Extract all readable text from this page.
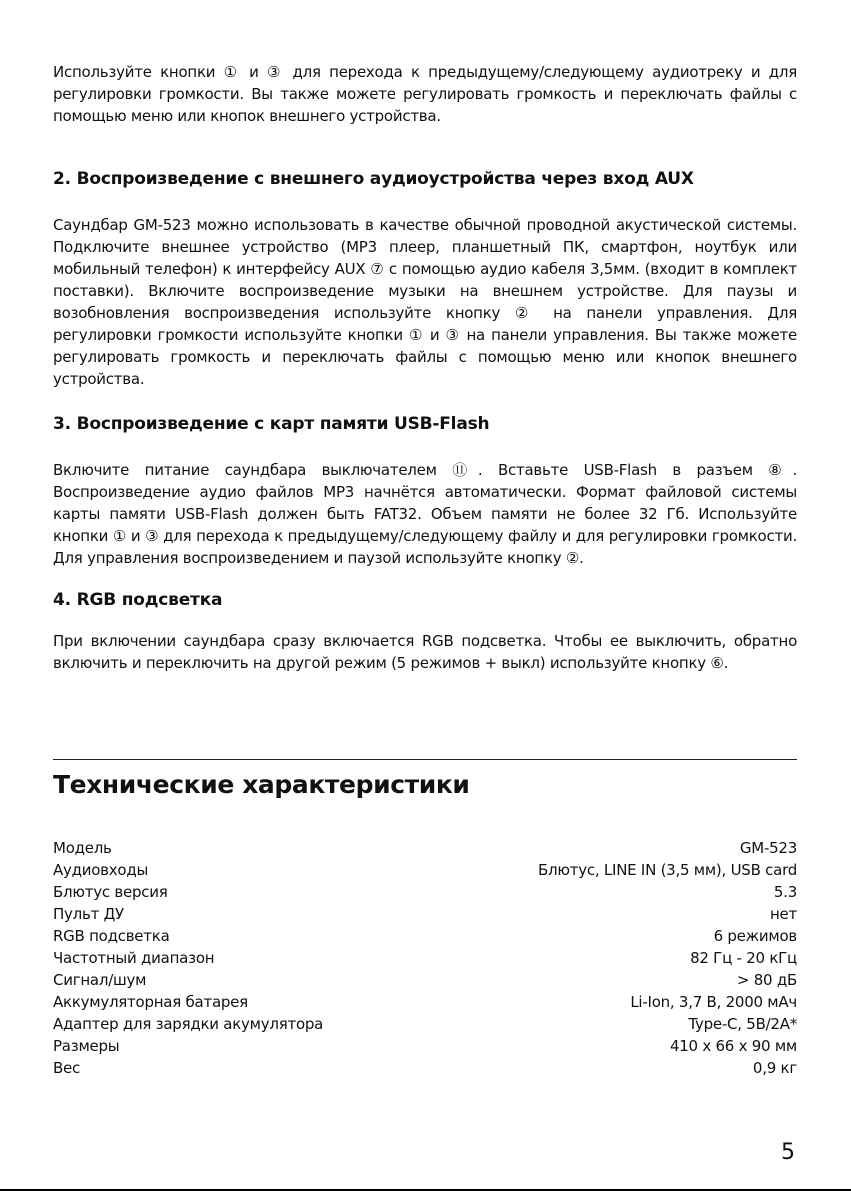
Используйте кнопки ① и ③ для перехода к предыдущему/следующему аудиотреку и для регулировки громкости. Вы также можете регулировать громкость и переключать файлы с помощью меню или кнопок внешнего устройства.

2. Воспроизведение с внешнего аудиоустройства через вход AUX

Саундбар GM-523 можно использовать в качестве обычной проводной акустической системы. Подключите внешнее устройство (МР3 плеер, планшетный ПК, смартфон, ноутбук или мобильный телефон) к интерфейсу AUX ⑦ с помощью аудио кабеля 3,5мм. (входит в комплект поставки). Включите воспроизведение музыки на внешнем устройстве. Для паузы и возобновления воспроизведения используйте кнопку ② на панели управления. Для регулировки громкости используйте кнопки ① и ③ на панели управления. Вы также можете регулировать громкость и переключать файлы с помощью меню или кнопок внешнего устройства.

3. Воспроизведение с карт памяти USB-Flash

Включите питание саундбара выключателем ⑪. Вставьте USB-Flash в разъем ⑧. Воспроизведение аудио файлов MP3 начнётся автоматически. Формат файловой системы карты памяти USB-Flash должен быть FAT32. Объем памяти не более 32 Гб. Используйте кнопки ① и ③ для перехода к предыдущему/следующему файлу и для регулировки громкости. Для управления воспроизведением и паузой используйте кнопку ②.

4. RGB подсветка

При включении саундбара сразу включается RGB подсветка. Чтобы ее выключить, обратно включить и переключить на другой режим (5 режимов + выкл) используйте кнопку ⑥.

Технические характеристики
Модель	GM-523
Аудиовходы	Блютус, LINE IN (3,5 мм), USB card
Блютус версия	5.3
Пульт ДУ	нет
RGB подсветка	6 режимов
Частотный диапазон	82 Гц - 20 кГц
Сигнал/шум	> 80 дБ
Аккумуляторная батарея	Li-Ion, 3,7 В, 2000 мАч
Адаптер для зарядки акумулятора	Type-C, 5В/2А*
Размеры	410 х 66 х 90 мм
Вес	0,9 кг
5
